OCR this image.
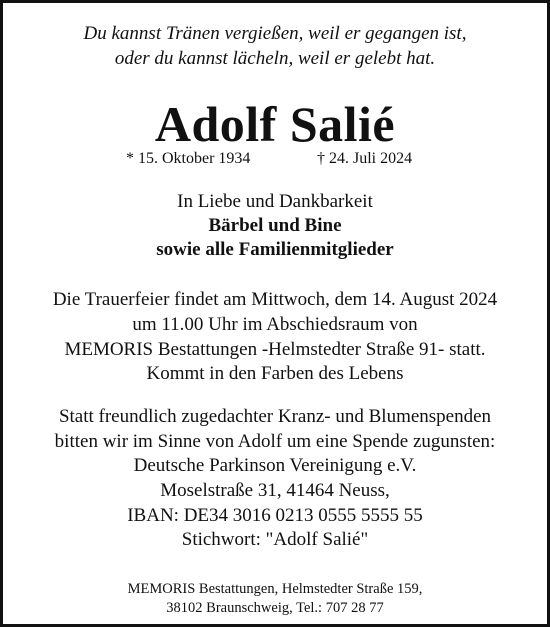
Du kannst Tränen vergießen, weil er gegangen ist,
oder du kannst lächeln, weil er gelebt hat.
Adolf Salié
* 15. Oktober 1934	† 24. Juli 2024
In Liebe und Dankbarkeit
Bärbel und Bine
sowie alle Familienmitglieder
Die Trauerfeier findet am Mittwoch, dem 14. August 2024
um 11.00 Uhr im Abschiedsraum von
MEMORIS Bestattungen -Helmstedter Straße 91- statt.
Kommt in den Farben des Lebens
Statt freundlich zugedachter Kranz- und Blumenspenden
bitten wir im Sinne von Adolf um eine Spende zugunsten:
Deutsche Parkinson Vereinigung e.V.
Moselstraße 31, 41464 Neuss,
IBAN: DE34 3016 0213 0555 5555 55
Stichwort: "Adolf Salié"
MEMORIS Bestattungen, Helmstedter Straße 159,
38102 Braunschweig, Tel.: 707 28 77
